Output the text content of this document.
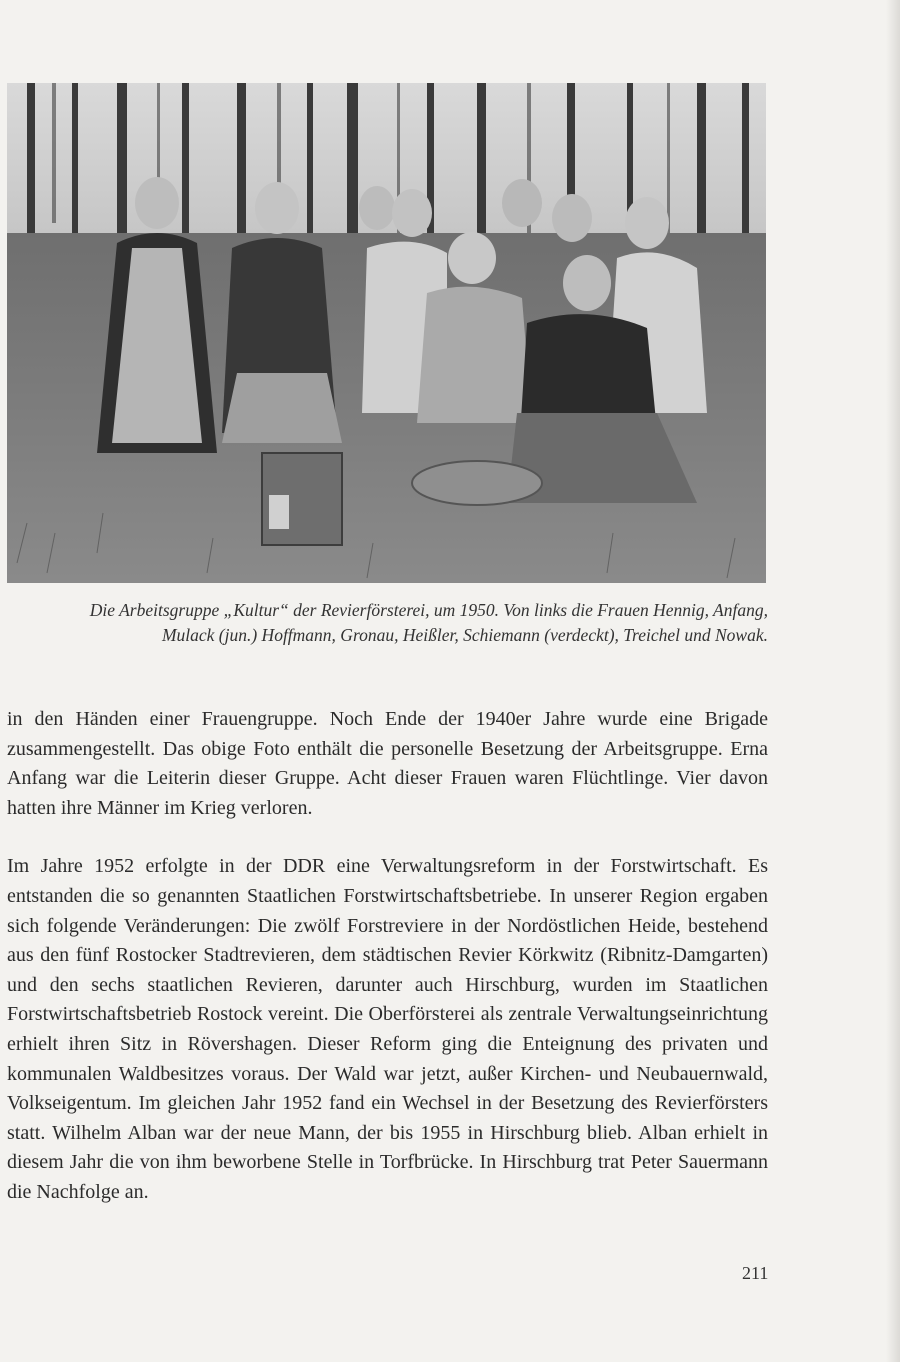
Die Arbeitsgruppe „Kultur“ der Revierförsterei, um 1950. Von links die Frauen Hennig, Anfang,

Mulack (jun.) Hoffmann, Gronau, Heißler, Schiemann (verdeckt), Treichel und Nowak.

in den Händen einer Frauengruppe. Noch Ende der 1940er Jahre wurde eine Brigade zusammengestellt. Das obige Foto enthält die personelle Besetzung der Arbeitsgruppe. Erna Anfang war die Leiterin dieser Gruppe. Acht dieser Frauen waren Flüchtlinge. Vier davon hatten ihre Männer im Krieg verloren.

Im Jahre 1952 erfolgte in der DDR eine Verwaltungsreform in der Forstwirtschaft. Es entstanden die so genannten Staatlichen Forstwirtschaftsbetriebe. In unserer Region ergaben sich folgende Veränderungen: Die zwölf Forstreviere in der Nordöstlichen Heide, bestehend aus den fünf Rostocker Stadtrevieren, dem städtischen Revier Körkwitz (Ribnitz-Damgarten) und den sechs staatlichen Revieren, darunter auch Hirschburg, wurden im Staatlichen Forstwirtschaftsbetrieb Rostock vereint. Die Oberförsterei als zentrale Verwaltungseinrichtung erhielt ihren Sitz in Rövershagen. Dieser Reform ging die Enteignung des privaten und kommunalen Waldbesitzes voraus. Der Wald war jetzt, außer Kirchen- und Neubauernwald, Volkseigentum. Im gleichen Jahr 1952 fand ein Wechsel in der Besetzung des Revierförsters statt. Wilhelm Alban war der neue Mann, der bis 1955 in Hirschburg blieb. Alban erhielt in diesem Jahr die von ihm beworbene Stelle in Torfbrücke. In Hirschburg trat Peter Sauermann die Nachfolge an.

211
